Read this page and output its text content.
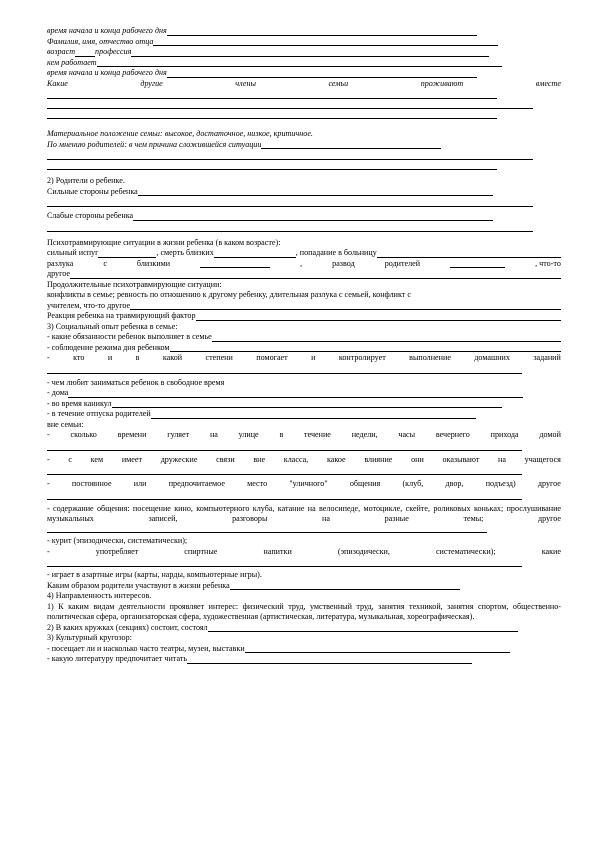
время начала и конца рабочего дня
Фамилия, имя, отчество отца
возраст профессия
кем работает
время начала и конца рабочего дня
Какие	другие	члены	семьи	проживают	вместе
Материальное положение семьи: высокое, достаточное, низкое, критичное.
По мнению родителей: в чем причина сложившейся ситуации
2) Родители о ребенке.
Сильные стороны ребенка
Слабые стороны ребенка
Психотравмирующие ситуации в жизни ребенка (в каком возрасте):
сильный испуг	, смерть близких	, попадание в больницу
разлука	с	близкими	,	развод	родителей	, что-то
другое
Продолжительные психотравмирующие ситуации:
конфликты в семье; ревность по отношению к другому ребенку, длительная разлука с семьей, конфликт с
учителем, что-то другое
Реакция ребенка на травмирующий фактор
3) Социальный опыт ребенка в семье:
- какие обязанности ребенок выполняет в семье
- соблюдение режима дня ребенком
-	кто	и	в	какой	степени	помогает	и	контролирует	выполнение	домашних	заданий
- чем любит заниматься ребенок в свободное время
- дома
- во время каникул
- в течение отпуска родителей
вне семьи:
-	сколько	времени	гуляет	на	улице	в	течение	недели,	часы	вечернего	прихода	домой
- с кем имеет дружеские связи вне класса, какое влияние они оказывают на учащегося
-	постоянное	или	предпочитаемое	место	"уличного"	общения	(клуб,	двор,	подъезд)	другое
- содержание общения: посещение кино, компьютерного клуба, катание на велосипеде, мотоцикле, скейте, роликовых коньках; прослушивание музыкальных записей, разговоры на разные темы; другое
- курит (эпизодически, систематически);
-	употребляет	спиртные	напитки	(эпизодически,	систематически);	какие
- играет в азартные игры (карты, нарды, компьютерные игры).
Каким образом родители участвуют в жизни ребенка
4) Направленность интересов.
1) К каким видам деятельности проявляет интерес: физический труд, умственный труд, занятия техникой, занятия спортом, общественно-политическая сфера, организаторская сфера, художественная (артистическая, литература, музыкальная, хореографическая).
2) В каких кружках (секциях) состоит, состоял
3) Культурный кругозор:
- посещает ли и насколько часто театры, музеи, выставки
- какую литературу предпочитает читать
